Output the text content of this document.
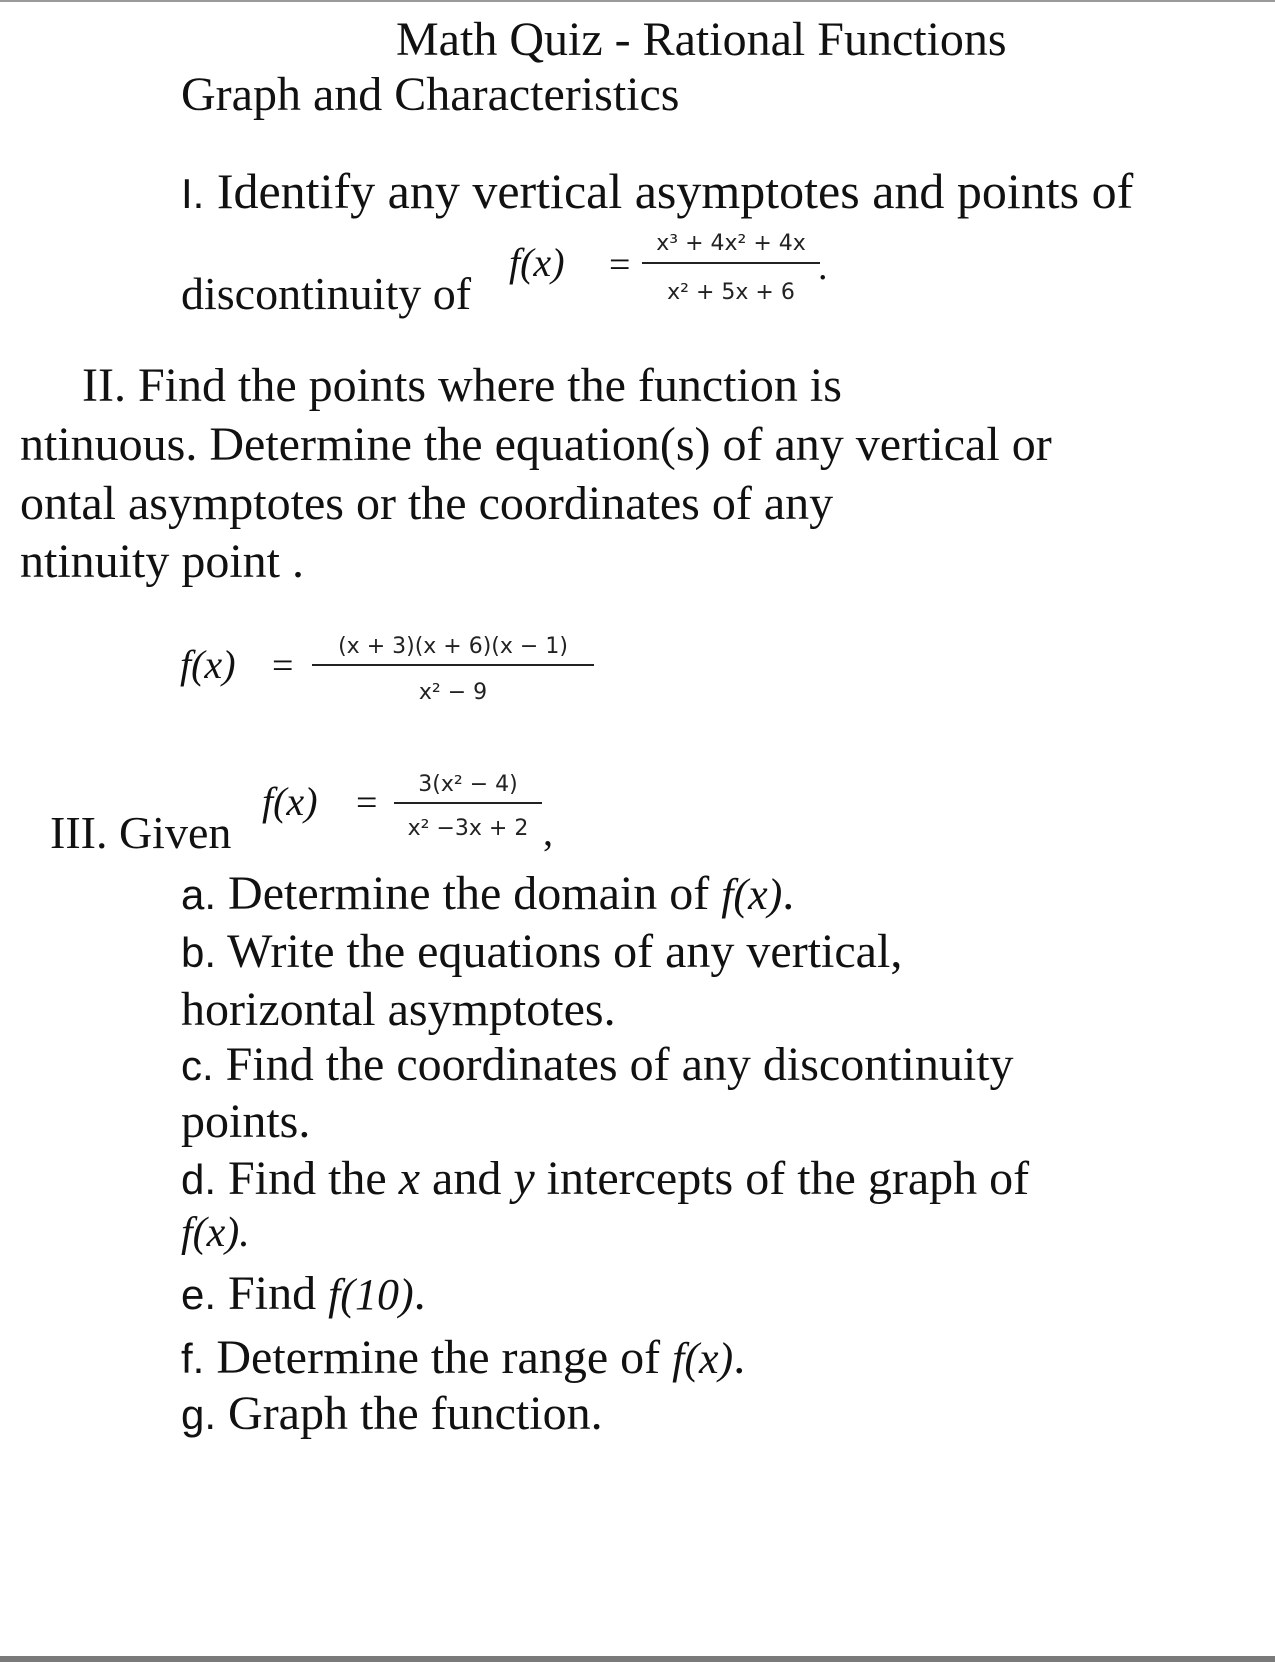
Math Quiz - Rational Functions
Graph and Characteristics
I. Identify any vertical asymptotes and points of
discontinuity of
f(x) =
x³ + 4x² + 4x
x² + 5x + 6
.
II. Find the points where the function is
ntinuous. Determine the equation(s) of any vertical or
ontal asymptotes or the coordinates of any
ntinuity point .
f(x) =	(x + 3)(x + 6)(x − 1)
x² − 9
f(x) =	3(x² − 4)
x² −3x + 2
III. Given	,
a. Determine the domain of f(x).
b. Write the equations of any vertical,
horizontal asymptotes.
c. Find the coordinates of any discontinuity
points.
d. Find the x and y intercepts of the graph of
f(x).
e. Find f(10).
f. Determine the range of f(x).
g. Graph the function.
